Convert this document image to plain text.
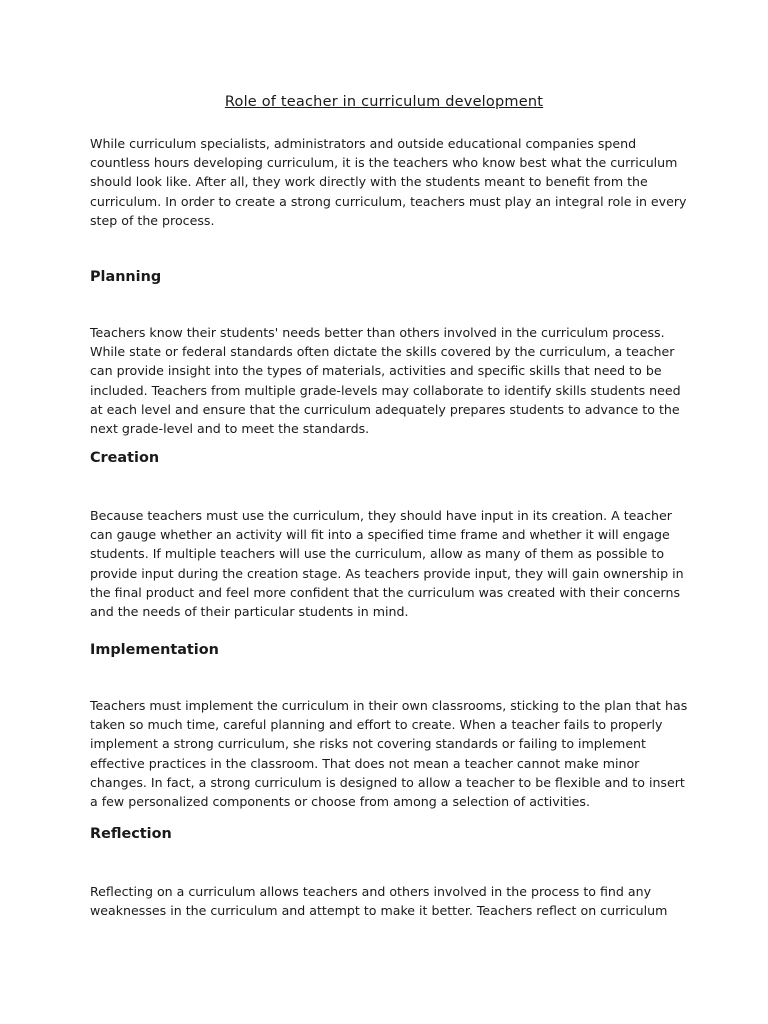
Role of teacher in curriculum development

While curriculum specialists, administrators and outside educational companies spend countless hours developing curriculum, it is the teachers who know best what the curriculum should look like. After all, they work directly with the students meant to benefit from the curriculum. In order to create a strong curriculum, teachers must play an integral role in every step of the process.

Planning

Teachers know their students' needs better than others involved in the curriculum process. While state or federal standards often dictate the skills covered by the curriculum, a teacher can provide insight into the types of materials, activities and specific skills that need to be included. Teachers from multiple grade-levels may collaborate to identify skills students need at each level and ensure that the curriculum adequately prepares students to advance to the next grade-level and to meet the standards.

Creation

Because teachers must use the curriculum, they should have input in its creation. A teacher can gauge whether an activity will fit into a specified time frame and whether it will engage students. If multiple teachers will use the curriculum, allow as many of them as possible to provide input during the creation stage. As teachers provide input, they will gain ownership in the final product and feel more confident that the curriculum was created with their concerns and the needs of their particular students in mind.

Implementation

Teachers must implement the curriculum in their own classrooms, sticking to the plan that has taken so much time, careful planning and effort to create. When a teacher fails to properly implement a strong curriculum, she risks not covering standards or failing to implement effective practices in the classroom. That does not mean a teacher cannot make minor changes. In fact, a strong curriculum is designed to allow a teacher to be flexible and to insert a few personalized components or choose from among a selection of activities.

Reflection

Reflecting on a curriculum allows teachers and others involved in the process to find any weaknesses in the curriculum and attempt to make it better. Teachers reflect on curriculum
